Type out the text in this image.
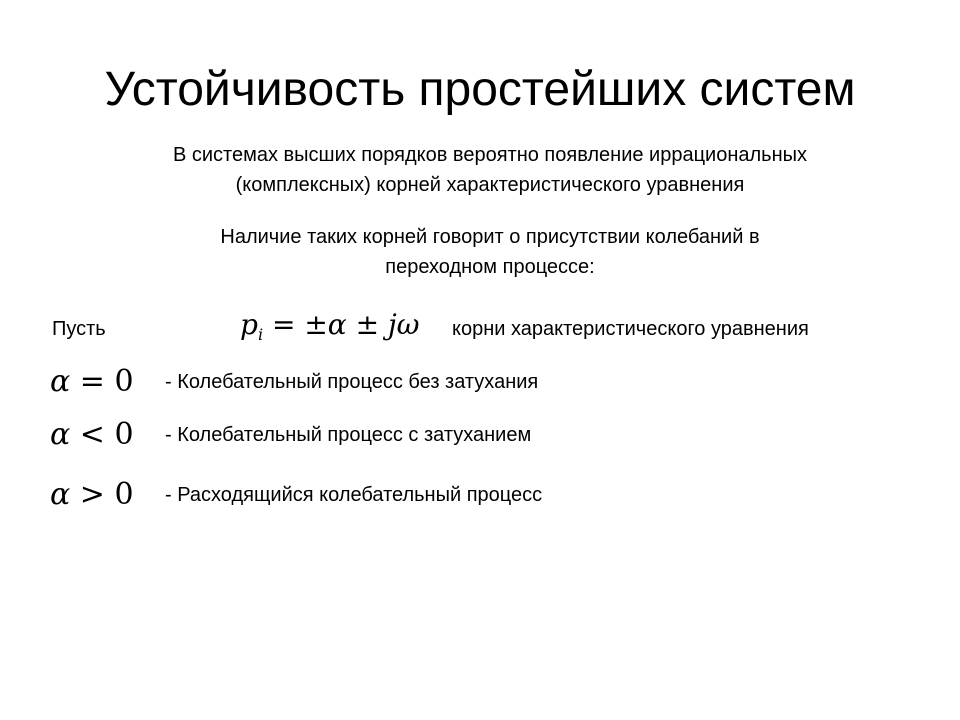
Устойчивость простейших систем
В системах высших порядков вероятно появление иррациональных
(комплексных) корней характеристического уравнения
Наличие таких корней говорит о присутствии колебаний в
переходном процессе:
Пусть	$p_i = \pm\alpha \pm j\omega$ корни характеристического уравнения
α = 0 - Колебательный процесс без затухания
α < 0 - Колебательный процесс с затуханием
α > 0 - Расходящийся колебательный процесс
